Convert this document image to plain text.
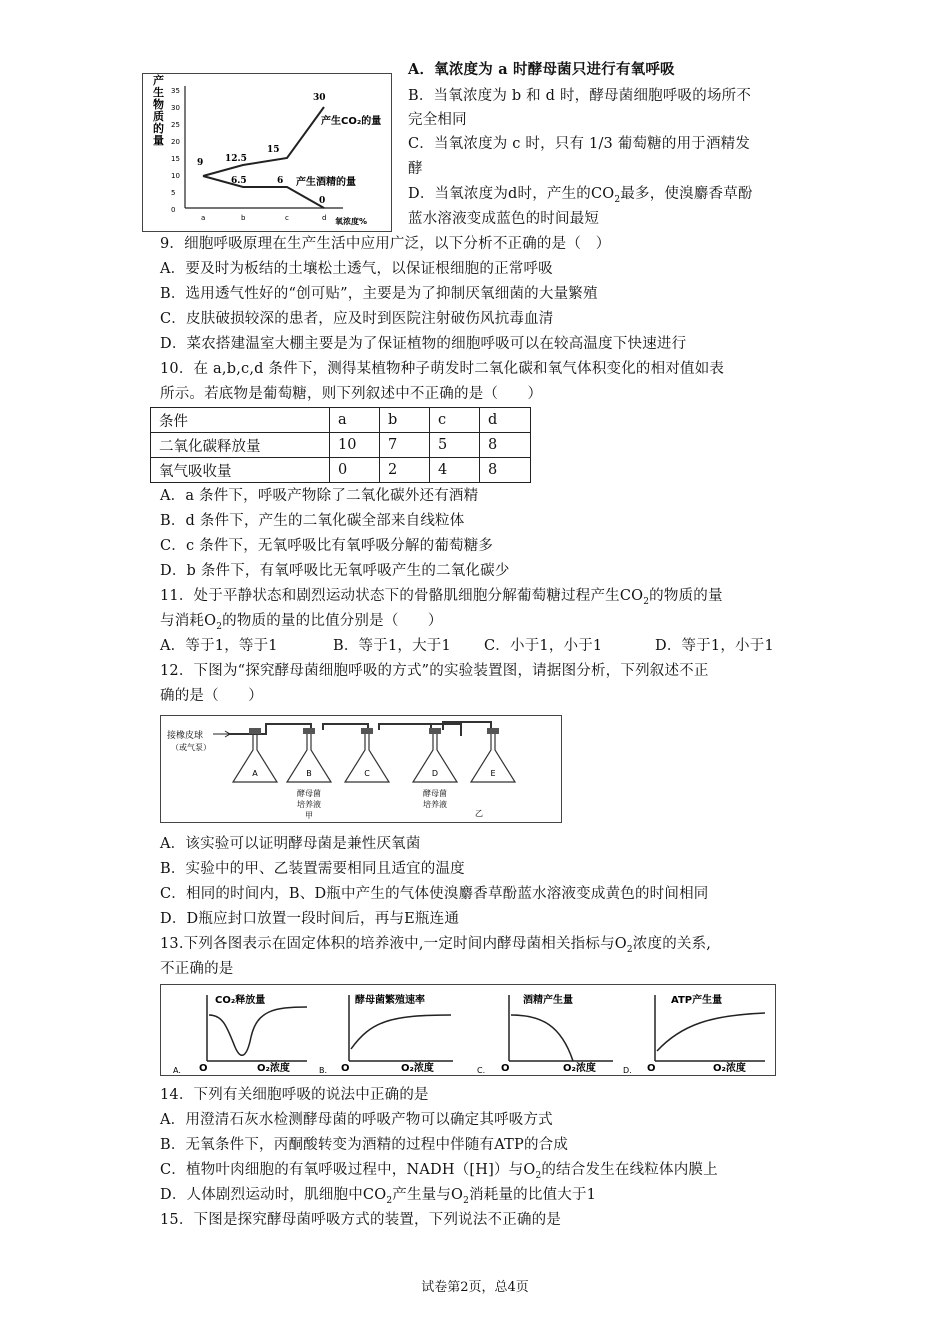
产生物质的量
35
30
25
20
15
10
5
0
a	b	c	d
9 12.5
15
30
6.5	6
0
产生CO₂的量
产生酒精的量
氧浓度%
A．氧浓度为 a 时酵母菌只进行有氧呼吸
B．当氧浓度为 b 和 d 时，酵母菌细胞呼吸的场所不
完全相同
C．当氧浓度为 c 时，只有 1/3 葡萄糖的用于酒精发
酵
D．当氧浓度为d时，产生的$CO_2$最多，使溴麝香草酚
蓝水溶液变成蓝色的时间最短
9．细胞呼吸原理在生产生活中应用广泛，以下分析不正确的是（　）
A．要及时为板结的土壤松土透气，以保证根细胞的正常呼吸
B．选用透气性好的“创可贴”，主要是为了抑制厌氧细菌的大量繁殖
C．皮肤破损较深的患者，应及时到医院注射破伤风抗毒血清
D．菜农搭建温室大棚主要是为了保证植物的细胞呼吸可以在较高温度下快速进行
10．在 a,b,c,d 条件下，测得某植物种子萌发时二氧化碳和氧气体积变化的相对值如表
所示。若底物是葡萄糖，则下列叙述中不正确的是（　　）
条件	a	b	c	d
二氧化碳释放量	10	7	5	8
氧气吸收量	0	2	4	8
A．a 条件下，呼吸产物除了二氧化碳外还有酒精
B．d 条件下，产生的二氧化碳全部来自线粒体
C．c 条件下，无氧呼吸比有氧呼吸分解的葡萄糖多
D．b 条件下，有氧呼吸比无氧呼吸产生的二氧化碳少
11．处于平静状态和剧烈运动状态下的骨骼肌细胞分解葡萄糖过程产生$CO_2$的物质的量
与消耗$O_2$的物质的量的比值分别是（　　）
A．等于1，等于1	B．等于1，大于1 C．小于1，小于1	D．等于1，小于1
12．下图为“探究酵母菌细胞呼吸的方式”的实验装置图，请据图分析，下列叙述不正
确的是（　　）
接橡皮球
（或气泵）
A	B	C	D	E
酵母菌
培养液
甲
酵母菌
培养液
乙
A．该实验可以证明酵母菌是兼性厌氧菌
B．实验中的甲、乙装置需要相同且适宜的温度
C．相同的时间内，B、D瓶中产生的气体使溴麝香草酚蓝水溶液变成黄色的时间相同
D．D瓶应封口放置一段时间后，再与E瓶连通
13.下列各图表示在固定体积的培养液中,一定时间内酵母菌相关指标与$O_2$浓度的关系,
不正确的是
CO₂释放量
A. O	O₂浓度
酵母菌繁殖速率
B. O	O₂浓度
酒精产生量
C. O	O₂浓度
ATP产生量
D. O	O₂浓度
14．下列有关细胞呼吸的说法中正确的是
A．用澄清石灰水检测酵母菌的呼吸产物可以确定其呼吸方式
B．无氧条件下，丙酮酸转变为酒精的过程中伴随有ATP的合成
C．植物叶肉细胞的有氧呼吸过程中，NADH（[H]）与$O_2$的结合发生在线粒体内膜上
D．人体剧烈运动时，肌细胞中$CO_2$产生量与$O_2$消耗量的比值大于1
15．下图是探究酵母菌呼吸方式的装置，下列说法不正确的是
试卷第2页，总4页
